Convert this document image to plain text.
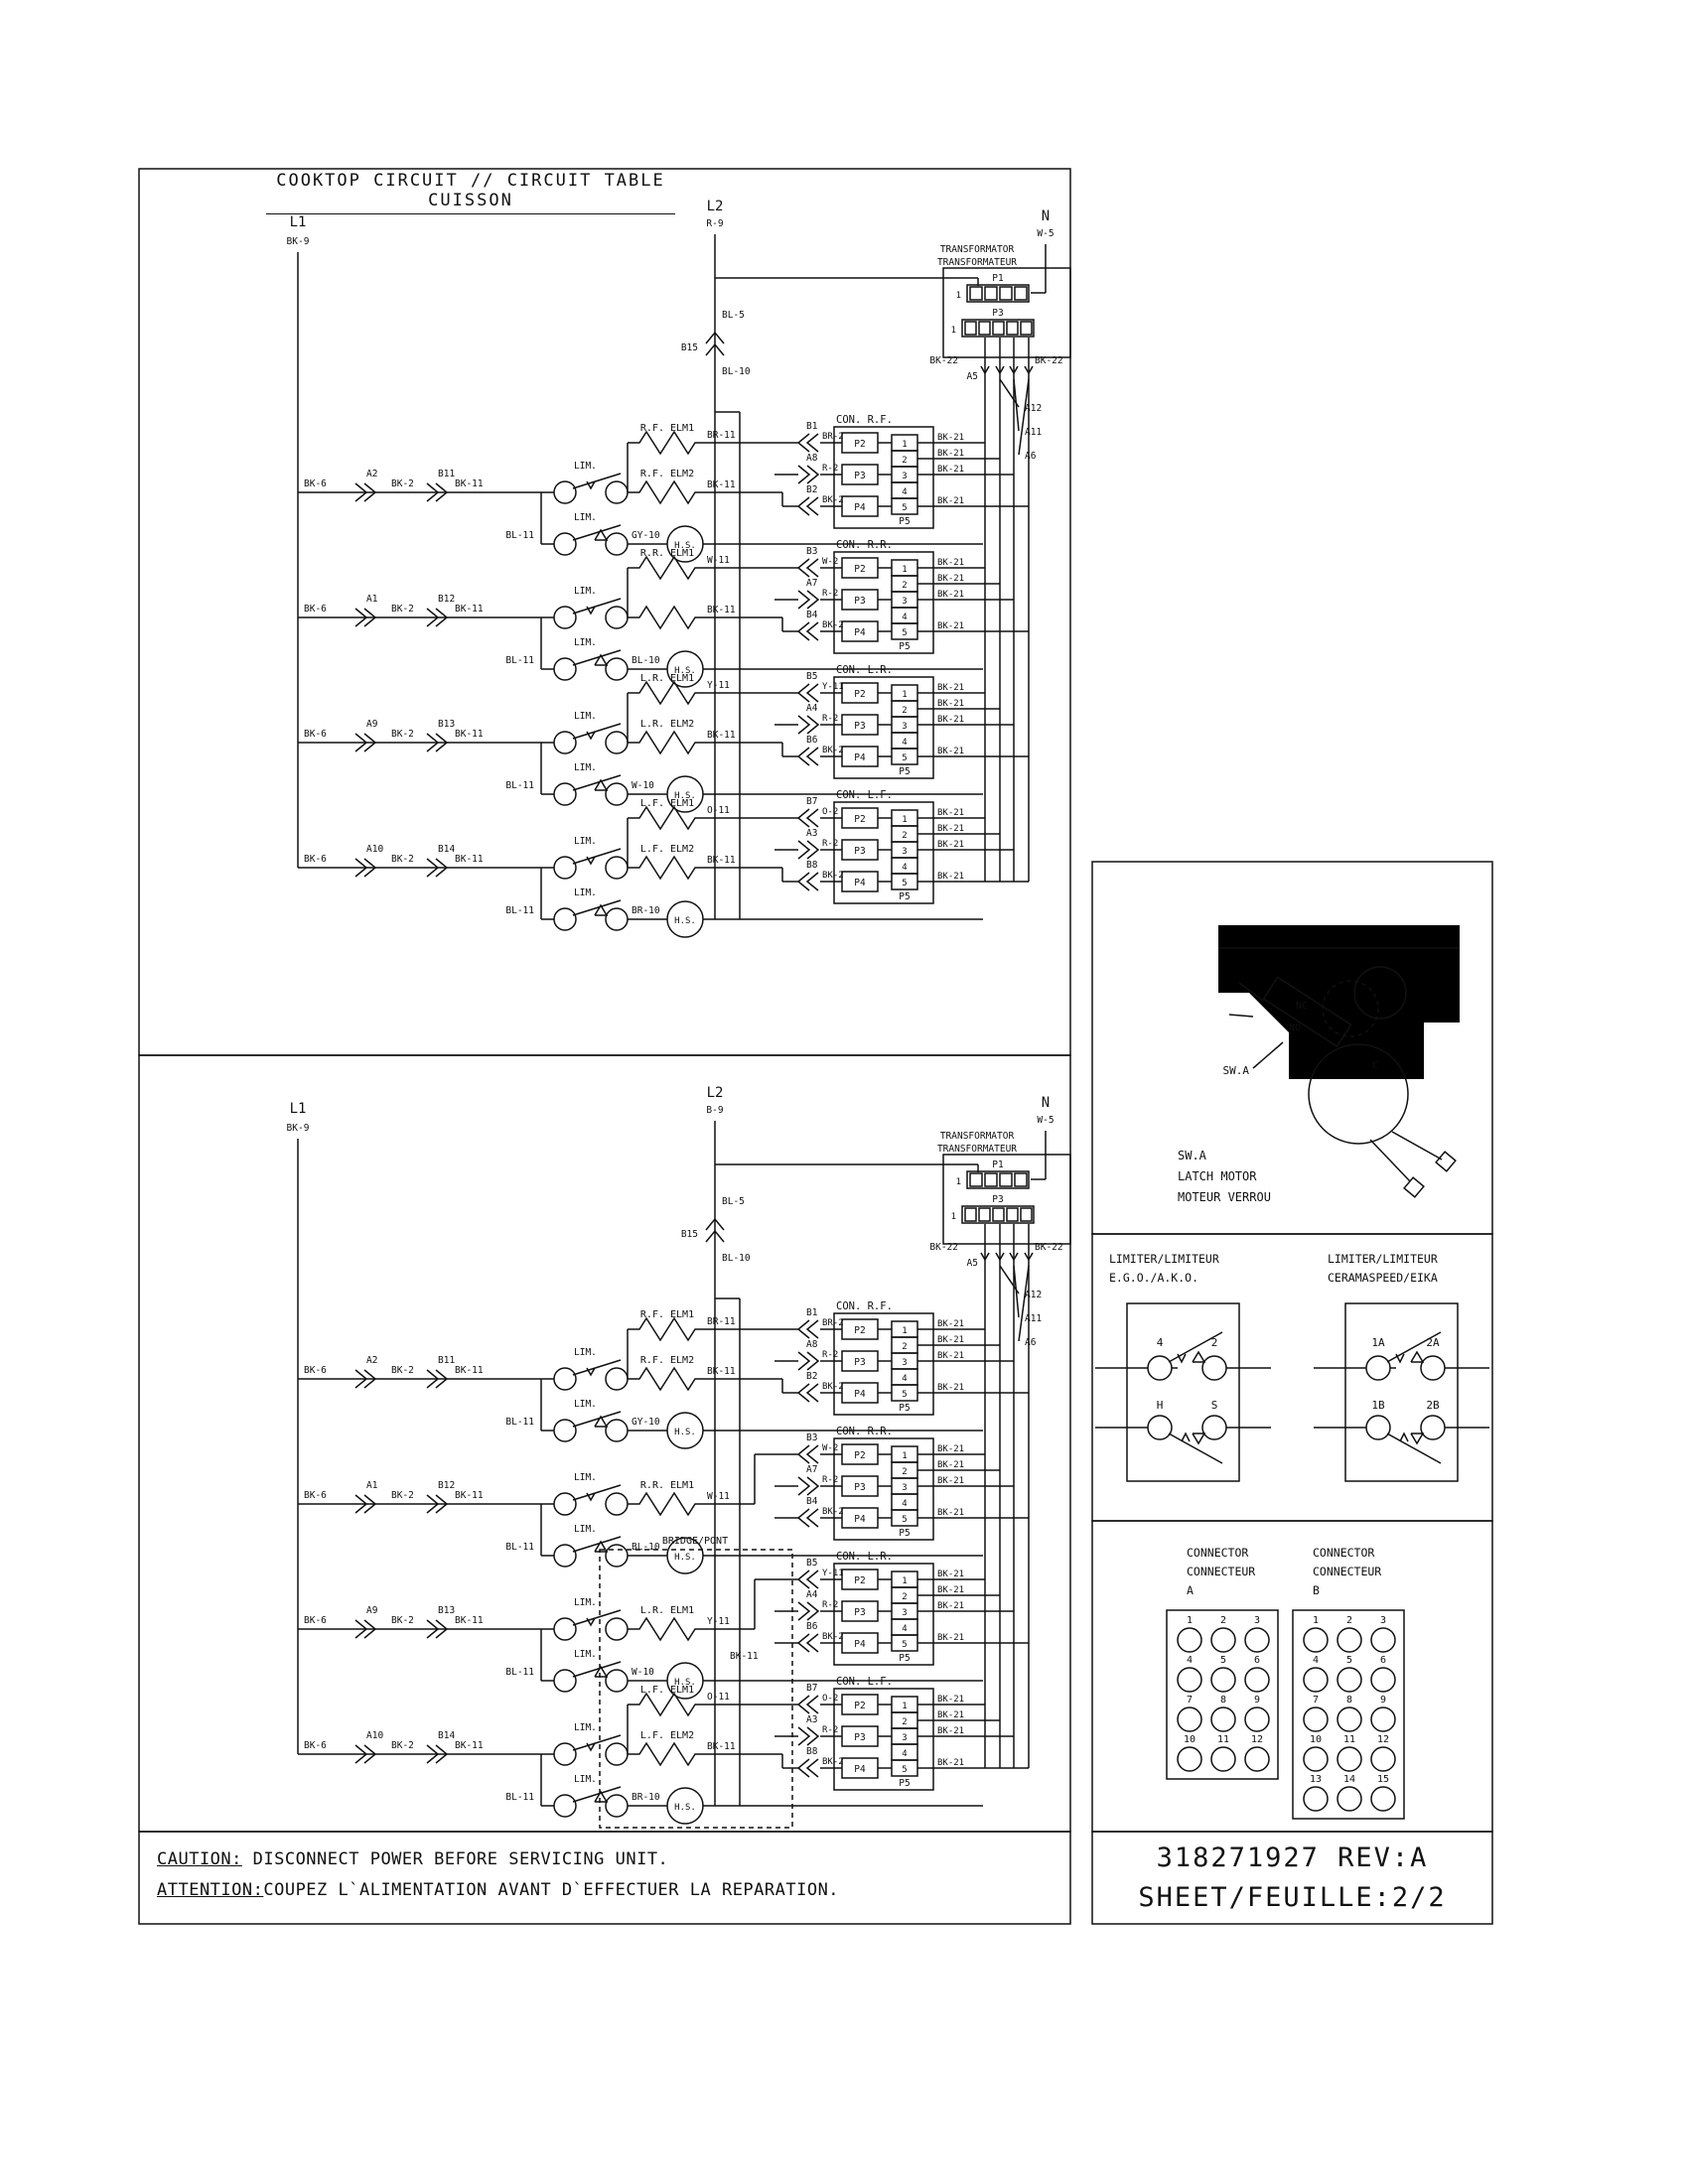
L1
BK-9
L2
R-9
BL-5
B15
BL-10
N
W-5
TRANSFORMATOR
TRANSFORMATEUR
P1
1
P3
1
BK-22	BK-22
A5
A12
A11
A6
BK-6
A2
BK-2
B11
BK-11
LIM.
R.F. ELM1
BR-11
R.F. ELM2
BK-11
BL-11
LIM.
GY-10
H.S.
CON. R.F.
B1
BR-2
P2
A8
R-2
P3
B2
BK-2
P4
1
2
3
4
5
P5
BK-21
BK-21
BK-21
BK-21
BK-6
A1
BK-2
B12
BK-11
LIM.
R.R. ELM1
W-11
BK-11
BL-11
LIM.
BL-10
H.S.
CON. R.R.
B3
W-2
P2
A7
R-2
P3
B4
BK-2
P4
1
2
3
4
5
P5
BK-21
BK-21
BK-21
BK-21
BK-6
A9
BK-2
B13
BK-11
LIM.
L.R. ELM1
Y-11
L.R. ELM2
BK-11
BL-11
LIM.
W-10
H.S.
CON. L.R.
B5
Y-11
P2
A4
R-2
P3
B6
BK-2
P4
1
2
3
4
5
P5
BK-21
BK-21
BK-21
BK-21
BK-6
A10
BK-2
B14
BK-11
LIM.
L.F. ELM1
O-11
L.F. ELM2
BK-11
BL-11
LIM.
BR-10
H.S.
CON. L.F.
B7
O-2
P2
A3
R-2
P3
B8
BK-2
P4
1
2
3
4
5
P5
BK-21
BK-21
BK-21
BK-21
L1
BK-9
L2
B-9
BL-5
B15
BL-10
N
W-5
TRANSFORMATOR
TRANSFORMATEUR
P1
1
P3
1
BK-22	BK-22
A5
A12
A11
A6
BRIDGE/PONT
BK-6
A2
BK-2
B11
BK-11
LIM.
R.F. ELM1
BR-11
R.F. ELM2
BK-11
BL-11
LIM.
GY-10
H.S.
CON. R.F.
B1
BR-2
P2
A8
R-2
P3
B2
BK-2
P4
1
2
3
4
5
P5
BK-21
BK-21
BK-21
BK-21
BK-6
A1
BK-2
B12
BK-11
LIM.
R.R. ELM1
W-11
BL-11
LIM.
BL-10
H.S.
CON. R.R.
B3
W-2
P2
A7
R-2
P3
B4
BK-2
P4
1
2
3
4
5
P5
BK-21
BK-21
BK-21
BK-21
BK-6
A9
BK-2
B13
BK-11
LIM.
L.R. ELM1
Y-11
BK-11
BL-11
LIM.
W-10
H.S.
CON. L.R.
B5
Y-11
P2
A4
R-2
P3
B6
BK-2
P4
1
2
3
4
5
P5
BK-21
BK-21
BK-21
BK-21
BK-6
A10
BK-2
B14
BK-11
LIM.
L.F. ELM1
O-11
L.F. ELM2
BK-11
BL-11
LIM.
BR-10
H.S.
CON. L.F.
B7
O-2
P2
A3
R-2
P3
B8
BK-2
P4
1
2
3
4
5
P5
BK-21
BK-21
BK-21
BK-21
NC
NO
C
SW.A
SW.A
LATCH MOTOR
MOTEUR VERROU
LIMITER/LIMITEUR
E.G.O./A.K.O.
4	2
H	S
LIMITER/LIMITEUR
CERAMASPEED/EIKA
1A	2A
1B	2B
CONNECTOR
CONNECTEUR
A
1	2	3
4	5	6
7	8	9
10 11 12
CONNECTOR
CONNECTEUR
B
1	2	3
4	5	6
7	8	9
10 11 12
13 14 15
COOKTOP CIRCUIT // CIRCUIT TABLE CUISSON
CAUTION: DISCONNECT POWER BEFORE SERVICING UNIT.
ATTENTION:COUPEZ L`ALIMENTATION AVANT D`EFFECTUER LA REPARATION.
318271927 REV:A
SHEET/FEUILLE:2/2
